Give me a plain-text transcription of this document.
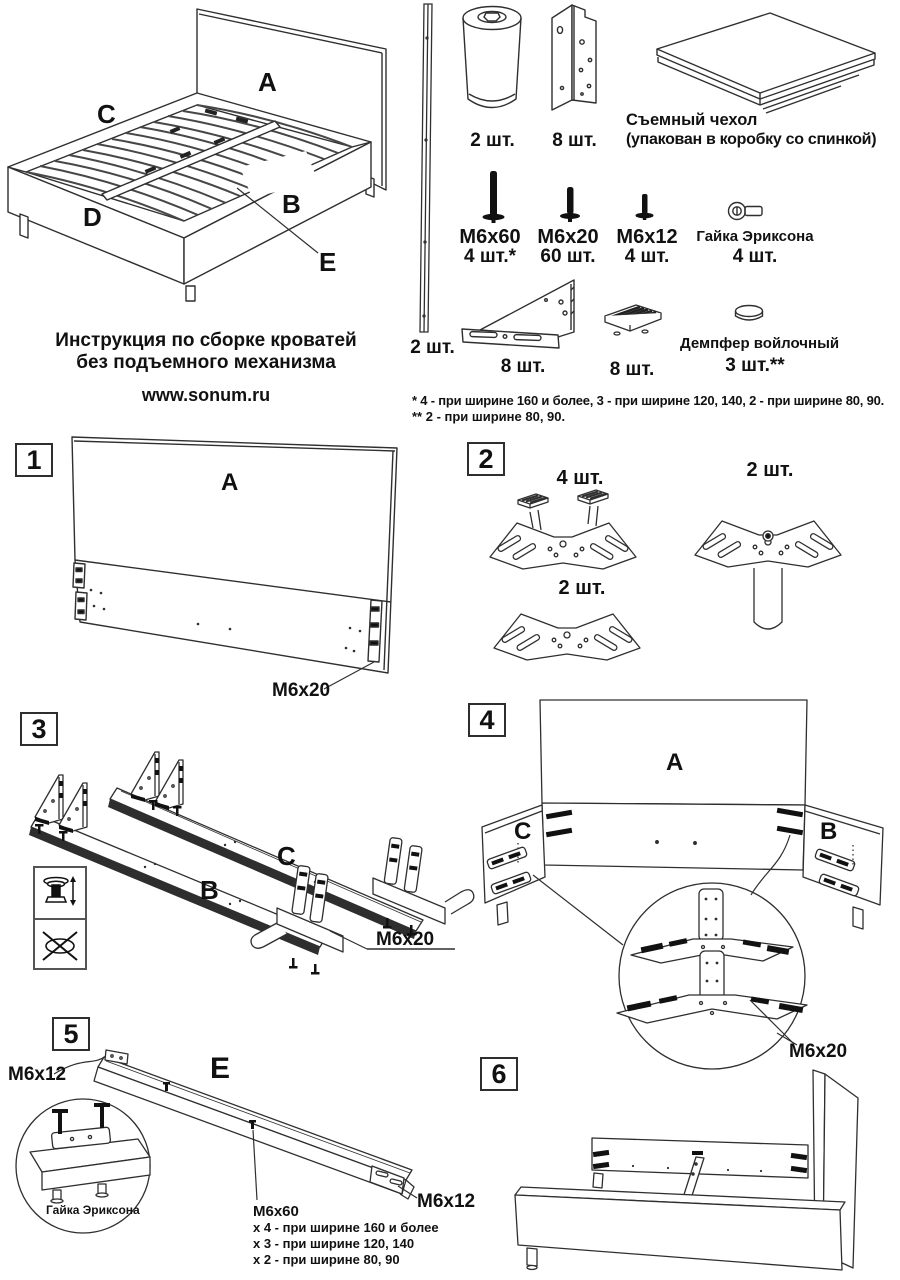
A
C
D	B
E
Инструкция по сборке кроватей
без подъемного механизма
www.sonum.ru
2 шт.
2 шт. 8 шт.
Съемный чехол
(упакован в коробку со спинкой)
M6x60
4 шт.*
M6x20
60 шт.
M6x12
4 шт.
Гайка Эриксона
4 шт.
8 шт.	8 шт.
Демпфер войлочный
3 шт.**
* 4 - при ширине 160 и более, 3 - при ширине 120, 140, 2 - при ширине 80, 90.
** 2 - при ширине 80, 90.
1
A
M6x20
2
4 шт.	2 шт.
2 шт.
3
B
C
M6x20
4
A
C	B
M6x20
5
M6x12	E
Гайка Эриксона	M6x60
х 4 - при ширине 160 и более
х 3 - при ширине 120, 140
х 2 - при ширине 80, 90
M6x12
6
